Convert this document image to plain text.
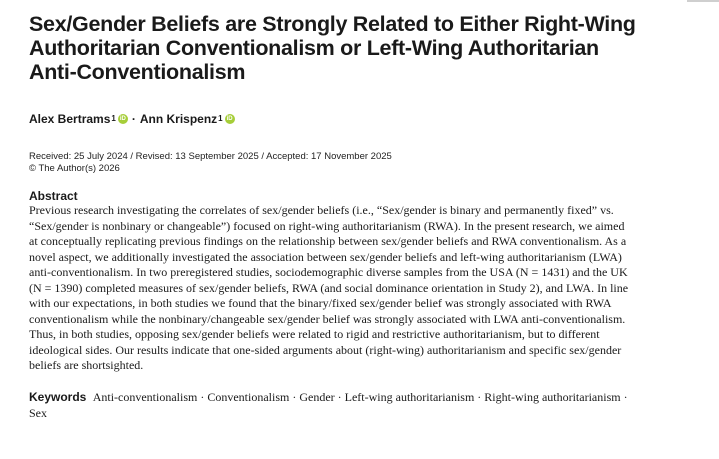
Sex/Gender Beliefs are Strongly Related to Either Right-Wing
Authoritarian Conventionalism or Left-Wing Authoritarian
Anti-Conventionalism
Alex Bertrams 1 iD · Ann Krispenz 1 iD
Received: 25 July 2024 / Revised: 13 September 2025 / Accepted: 17 November 2025
© The Author(s) 2026
Abstract
Previous research investigating the correlates of sex/gender beliefs (i.e., “Sex/gender is binary and permanently fixed” vs.
“Sex/gender is nonbinary or changeable”) focused on right-wing authoritarianism (RWA). In the present research, we aimed
at conceptually replicating previous findings on the relationship between sex/gender beliefs and RWA conventionalism. As a
novel aspect, we additionally investigated the association between sex/gender beliefs and left-wing authoritarianism (LWA)
anti-conventionalism. In two preregistered studies, sociodemographic diverse samples from the USA (N = 1431) and the UK
(N = 1390) completed measures of sex/gender beliefs, RWA (and social dominance orientation in Study 2), and LWA. In line
with our expectations, in both studies we found that the binary/fixed sex/gender belief was strongly associated with RWA
conventionalism while the nonbinary/changeable sex/gender belief was strongly associated with LWA anti-conventionalism.
Thus, in both studies, opposing sex/gender beliefs were related to rigid and restrictive authoritarianism, but to different
ideological sides. Our results indicate that one-sided arguments about (right-wing) authoritarianism and specific sex/gender
beliefs are shortsighted.
Keywords Anti-conventionalism · Conventionalism · Gender · Left-wing authoritarianism · Right-wing authoritarianism ·
Sex
